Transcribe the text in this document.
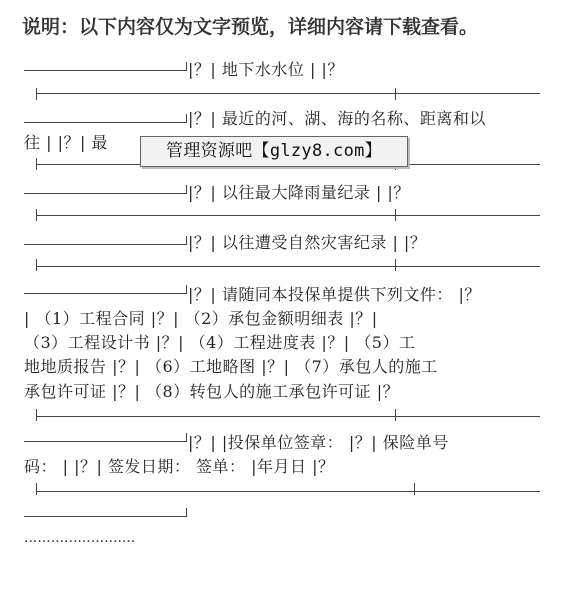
说明：以下内容仅为文字预览，详细内容请下载查看。
|？| 地下水水位 | |？
|？| 最近的河、湖、海的名称、距离和以
往 | |？| 最	管理资源吧【glzy8.com】
|？| 以往最大降雨量纪录 | |？
|？| 以往遭受自然灾害纪录 | |？
|？| 请随同本投保单提供下列文件： |？
| （1）工程合同 |？| （2）承包金额明细表 |？|
（3）工程设计书 |？| （4）工程进度表 |？| （5）工
地地质报告 |？| （6）工地略图 |？| （7）承包人的施工
承包许可证 |？| （8）转包人的施工承包许可证 |？
|？| |投保单位签章： |？| 保险单号
码： | |？| 签发日期： 签单： |年月日 |？
·························
